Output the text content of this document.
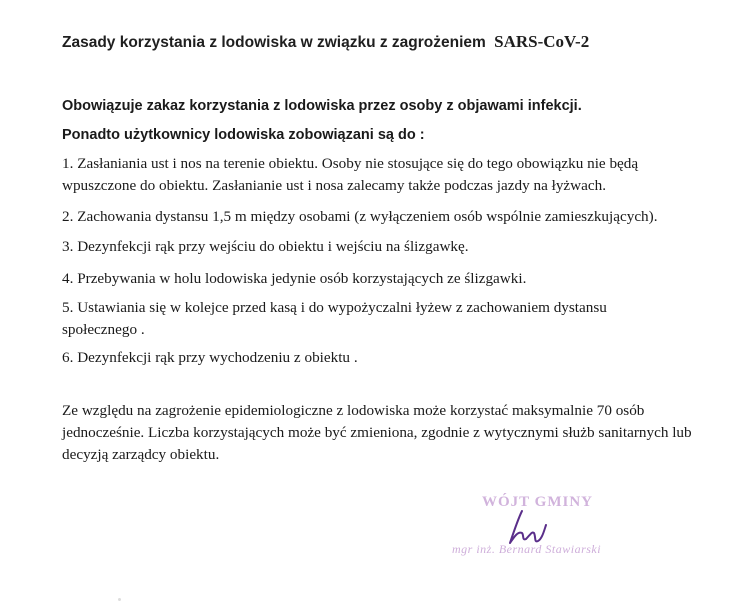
Zasady korzystania z lodowiska w związku z zagrożeniem SARS-CoV-2
Obowiązuje zakaz korzystania z lodowiska przez osoby z objawami infekcji.
Ponadto użytkownicy lodowiska zobowiązani są do :
1. Zasłaniania ust i nos na terenie obiektu. Osoby nie stosujące się do tego obowiązku nie będą wpuszczone do obiektu. Zasłanianie ust i nosa zalecamy także podczas jazdy na łyżwach.
2. Zachowania dystansu 1,5 m między osobami (z wyłączeniem osób wspólnie zamieszkujących).
3. Dezynfekcji rąk przy wejściu do obiektu i wejściu na ślizgawkę.
4. Przebywania w holu lodowiska jedynie osób korzystających ze ślizgawki.
5. Ustawiania się w kolejce przed kasą i do wypożyczalni łyżew z zachowaniem dystansu społecznego .
6. Dezynfekcji rąk przy wychodzeniu z obiektu .
Ze względu na zagrożenie epidemiologiczne z lodowiska może korzystać maksymalnie 70 osób jednocześnie. Liczba korzystających może być zmieniona, zgodnie z wytycznymi służb sanitarnych lub decyzją zarządcy obiektu.
WÓJT GMINY
mgr inż. Bernard Stawiarski
